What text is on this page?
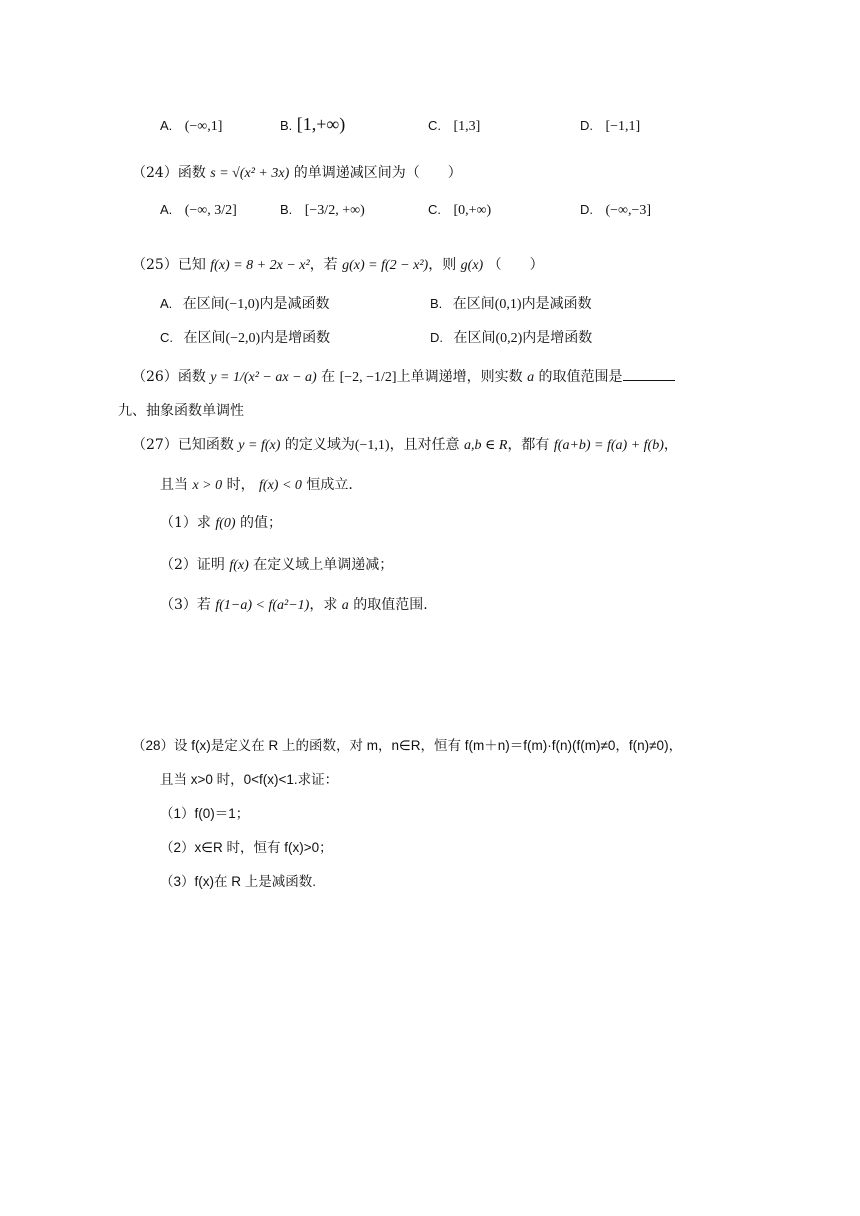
A. (−∞,1]	B. [1,+∞)	C. [1,3]	D. [−1,1]
（24）函数 s = √(x² + 3x) 的单调递减区间为（　　）
A. (−∞, 3/2]	B. [−3/2, +∞)	C. [0,+∞)	D. (−∞,−3]
（25）已知 f(x) = 8 + 2x − x²，若 g(x) = f(2 − x²)，则 g(x) （　　）
A. 在区间(−1,0)内是减函数	B. 在区间(0,1)内是减函数
C. 在区间(−2,0)内是增函数	D. 在区间(0,2)内是增函数
（26）函数 y = 1/(x² − ax − a) 在 [−2, −1/2]上单调递增，则实数 a 的取值范围是
九、抽象函数单调性
（27）已知函数 y = f(x) 的定义域为(−1,1)，且对任意 a,b ∈ R，都有 f(a+b) = f(a) + f(b)，
且当 x > 0 时， f(x) < 0 恒成立.
（1）求 f(0) 的值；
（2）证明 f(x) 在定义域上单调递减；
（3）若 f(1−a) < f(a²−1)，求 a 的取值范围.
（28）设 f(x)是定义在 R 上的函数，对 m，n∈R，恒有 f(m＋n)＝f(m)·f(n)(f(m)≠0，f(n)≠0)，
且当 x>0 时，0<f(x)<1.求证：
（1）f(0)＝1；
（2）x∈R 时，恒有 f(x)>0；
（3）f(x)在 R 上是减函数.
